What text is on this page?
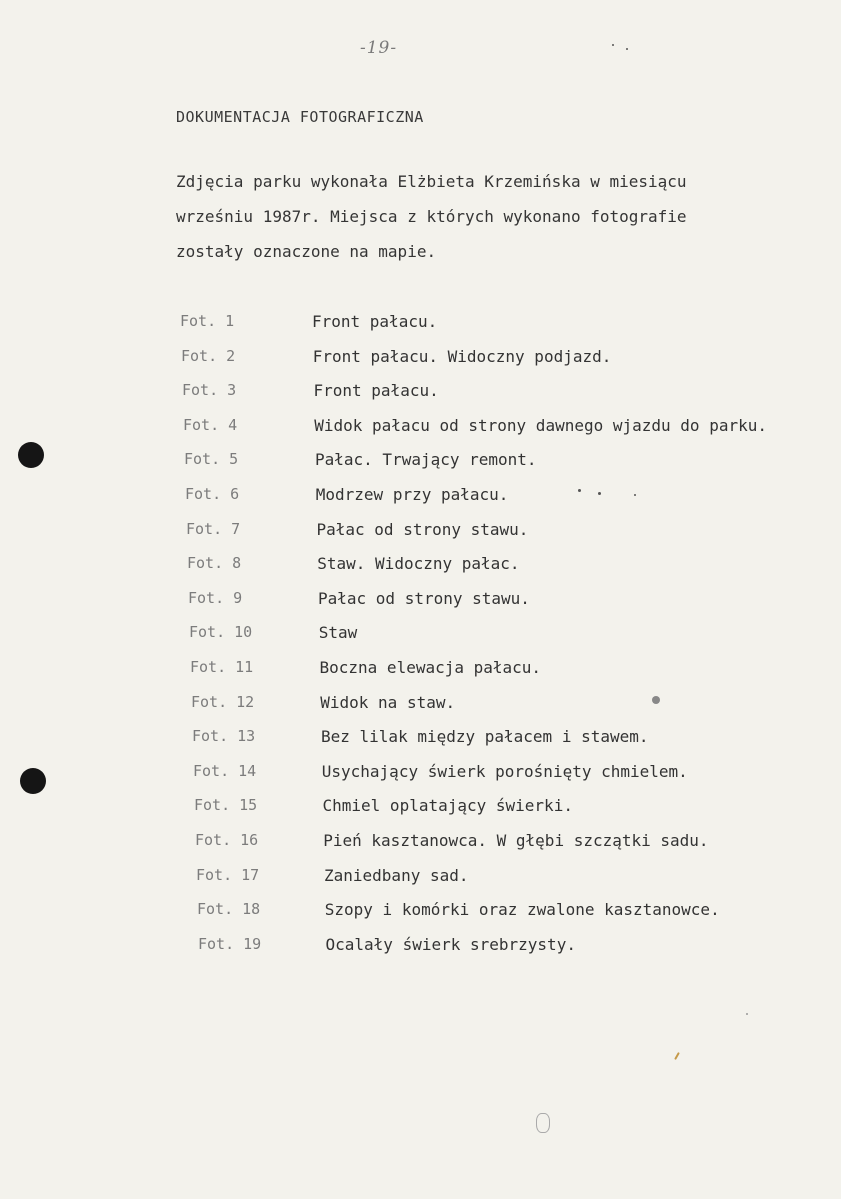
-19-
DOKUMENTACJA FOTOGRAFICZNA
Zdjęcia parku wykonała Elżbieta Krzemińska w miesiącu
wrześniu 1987r. Miejsca z których wykonano fotografie
zostały oznaczone na mapie.
Fot. 1	Front pałacu.
Fot. 2	Front pałacu. Widoczny podjazd.
Fot. 3	Front pałacu.
Fot. 4	Widok pałacu od strony dawnego wjazdu do parku.
Fot. 5	Pałac. Trwający remont.
Fot. 6	Modrzew przy pałacu.
Fot. 7	Pałac od strony stawu.
Fot. 8	Staw. Widoczny pałac.
Fot. 9	Pałac od strony stawu.
Fot. 10	Staw
Fot. 11	Boczna elewacja pałacu.
Fot. 12	Widok na staw.
Fot. 13	Bez lilak między pałacem i stawem.
Fot. 14	Usychający świerk porośnięty chmielem.
Fot. 15	Chmiel oplatający świerki.
Fot. 16	Pień kasztanowca. W głębi szczątki sadu.
Fot. 17	Zaniedbany sad.
Fot. 18	Szopy i komórki oraz zwalone kasztanowce.
Fot. 19	Ocalały świerk srebrzysty.
